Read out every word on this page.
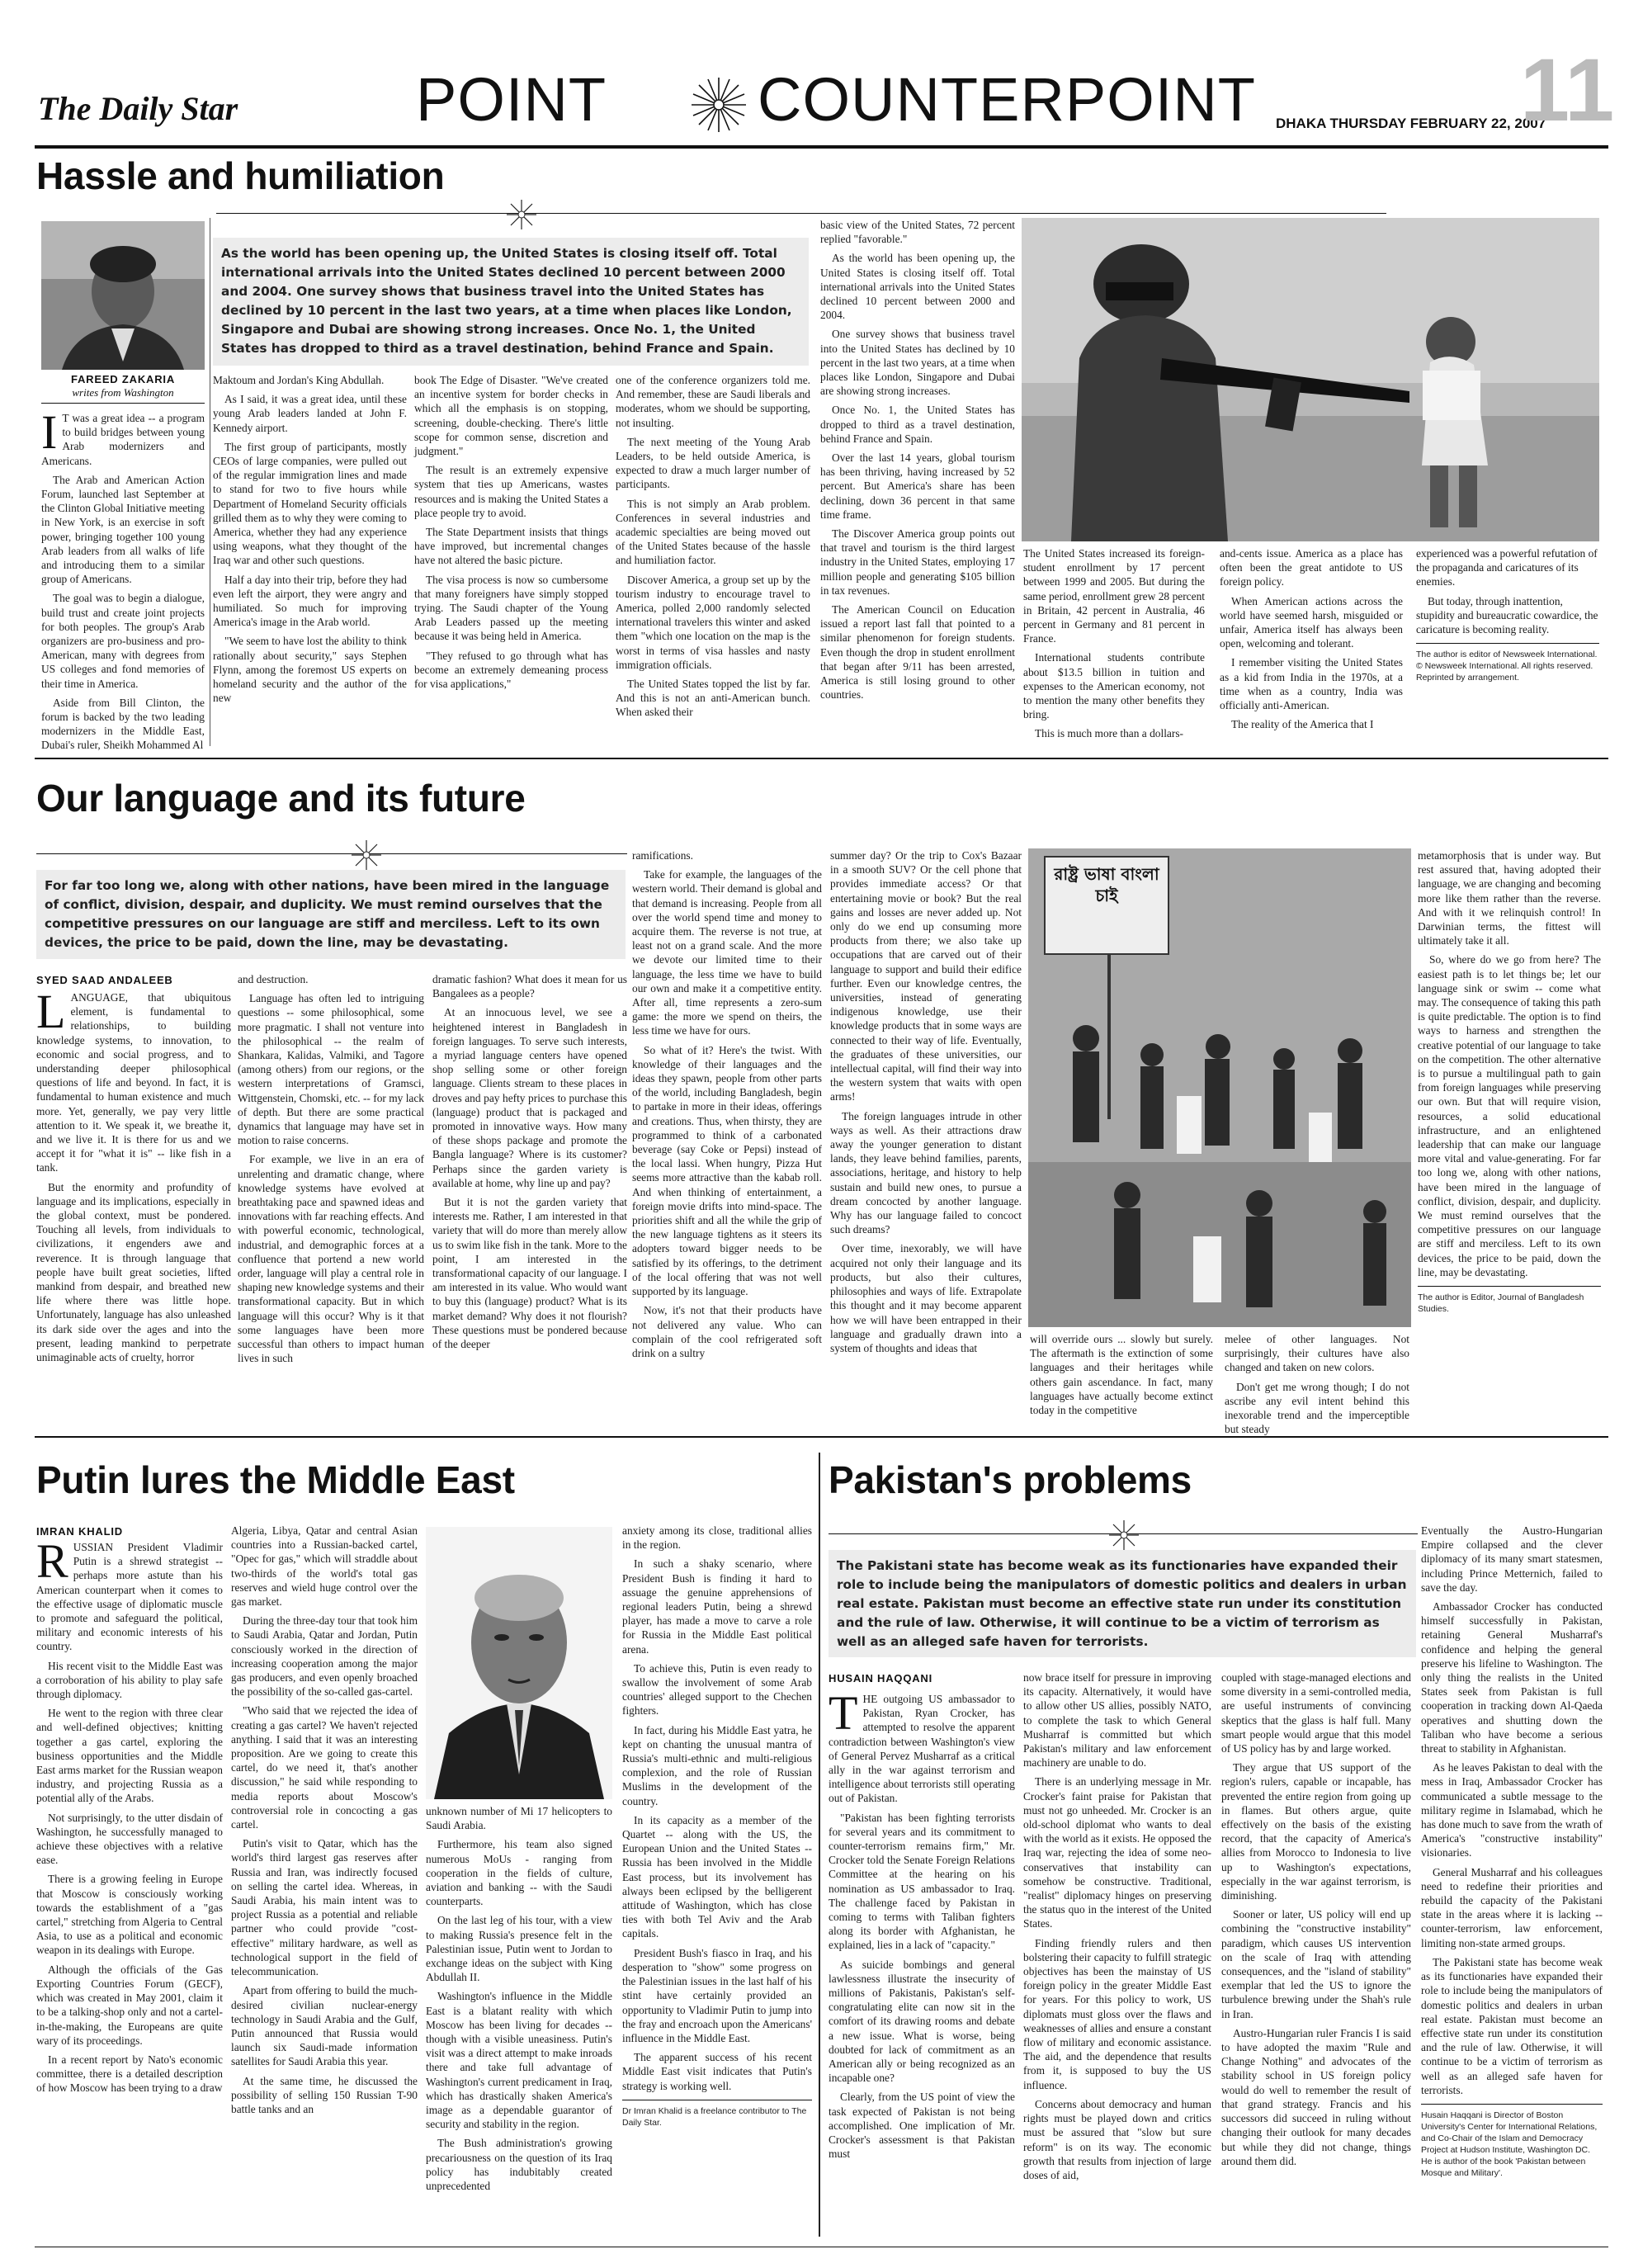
The Daily Star	POINT COUNTERPOINT DHAKA THURSDAY FEBRUARY 22, 2007
11
Hassle and humiliation
FAREED ZAKARIA
writes from Washington
As the world has been opening up, the United States is closing itself off. Total international arrivals into the United States declined 10 percent between 2000 and 2004. One survey shows that business travel into the United States has declined by 10 percent in the last two years, at a time when places like London, Singapore and Dubai are showing strong increases. Once No. 1, the United States has dropped to third as a travel destination, behind France and Spain.
I T was a great idea -- a program to build bridges between young Arab modernizers and Americans.

The Arab and American Action Forum, launched last September at the Clinton Global Initiative meeting in New York, is an exercise in soft power, bringing together 100 young Arab leaders from all walks of life and introducing them to a similar group of Americans.

The goal was to begin a dialogue, build trust and create joint projects for both peoples. The group's Arab organizers are pro-business and pro-American, many with degrees from US colleges and fond memories of their time in America.

Aside from Bill Clinton, the forum is backed by the two leading modernizers in the Middle East, Dubai's ruler, Sheikh Mohammed Al

Maktoum and Jordan's King Abdullah.

As I said, it was a great idea, until these young Arab leaders landed at John F. Kennedy airport.

The first group of participants, mostly CEOs of large companies, were pulled out of the regular immigration lines and made to stand for two to five hours while Department of Homeland Security officials grilled them as to why they were coming to America, whether they had any experience using weapons, what they thought of the Iraq war and other such questions.

Half a day into their trip, before they had even left the airport, they were angry and humiliated. So much for improving America's image in the Arab world.

"We seem to have lost the ability to think rationally about security," says Stephen Flynn, among the foremost US experts on homeland security and the author of the new

book The Edge of Disaster. "We've created an incentive system for border checks in which all the emphasis is on stopping, screening, double-checking. There's little scope for common sense, discretion and judgment."

The result is an extremely expensive system that ties up Americans, wastes resources and is making the United States a place people try to avoid.

The State Department insists that things have improved, but incremental changes have not altered the basic picture.

The visa process is now so cumbersome that many foreigners have simply stopped trying. The Saudi chapter of the Young Arab Leaders passed up the meeting because it was being held in America.

"They refused to go through what has become an extremely demeaning process for visa applications,"

one of the conference organizers told me. And remember, these are Saudi liberals and moderates, whom we should be supporting, not insulting.

The next meeting of the Young Arab Leaders, to be held outside America, is expected to draw a much larger number of participants.

This is not simply an Arab problem. Conferences in several industries and academic specialties are being moved out of the United States because of the hassle and humiliation factor.

Discover America, a group set up by the tourism industry to encourage travel to America, polled 2,000 randomly selected international travelers this winter and asked them "which one location on the map is the worst in terms of visa hassles and nasty immigration officials.

The United States topped the list by far. And this is not an anti-American bunch. When asked their

basic view of the United States, 72 percent replied "favorable."

As the world has been opening up, the United States is closing itself off. Total international arrivals into the United States declined 10 percent between 2000 and 2004.

One survey shows that business travel into the United States has declined by 10 percent in the last two years, at a time when places like London, Singapore and Dubai are showing strong increases.

Once No. 1, the United States has dropped to third as a travel destination, behind France and Spain.

Over the last 14 years, global tourism has been thriving, having increased by 52 percent. But America's share has been declining, down 36 percent in that same time frame.

The Discover America group points out that travel and tourism is the third largest industry in the United States, employing 17 million people and generating $105 billion in tax revenues.

The American Council on Education issued a report last fall that pointed to a similar phenomenon for foreign students. Even though the drop in student enrollment that began after 9/11 has been arrested, America is still losing ground to other countries.

The United States increased its foreign-student enrollment by 17 percent between 1999 and 2005. But during the same period, enrollment grew 28 percent in Britain, 42 percent in Australia, 46 percent in Germany and 81 percent in France.

International students contribute about $13.5 billion in tuition and expenses to the American economy, not to mention the many other benefits they bring.

This is much more than a dollars-

and-cents issue. America as a place has often been the great antidote to US foreign policy.

When American actions across the world have seemed harsh, misguided or unfair, America itself has always been open, welcoming and tolerant.

I remember visiting the United States as a kid from India in the 1970s, at a time when as a country, India was officially anti-American.

The reality of the America that I

experienced was a powerful refutation of the propaganda and caricatures of its enemies.

But today, through inattention, stupidity and bureaucratic cowardice, the caricature is becoming reality.

The author is editor of Newsweek International.
© Newsweek International. All rights reserved. Reprinted by arrangement.
Our language and its future
For far too long we, along with other nations, have been mired in the language of conflict, division, despair, and duplicity. We must remind ourselves that the competitive pressures on our language are stiff and merciless. Left to its own devices, the price to be paid, down the line, may be devastating.
SYED SAAD ANDALEEB
L ANGUAGE, that ubiquitous element, is fundamental to relationships, to building knowledge systems, to innovation, to economic and social progress, and to understanding deeper philosophical questions of life and beyond. In fact, it is fundamental to human existence and much more. Yet, generally, we pay very little attention to it. We speak it, we breathe it, and we live it. It is there for us and we accept it for "what it is" -- like fish in a tank.

But the enormity and profundity of language and its implications, especially in the global context, must be pondered. Touching all levels, from individuals to civilizations, it engenders awe and reverence. It is through language that people have built great societies, lifted mankind from despair, and breathed new life where there was little hope. Unfortunately, language has also unleashed its dark side over the ages and into the present, leading mankind to perpetrate unimaginable acts of cruelty, horror

and destruction.

Language has often led to intriguing questions -- some philosophical, some more pragmatic. I shall not venture into the philosophical -- the realm of Shankara, Kalidas, Valmiki, and Tagore (among others) from our regions, or the western interpretations of Gramsci, Wittgenstein, Chomski, etc. -- for my lack of depth. But there are some practical dynamics that language may have set in motion to raise concerns.

For example, we live in an era of unrelenting and dramatic change, where knowledge systems have evolved at breathtaking pace and spawned ideas and innovations with far reaching effects. And with powerful economic, technological, industrial, and demographic forces at a confluence that portend a new world order, language will play a central role in shaping new knowledge systems and their transformational capacity. But in which language will this occur? Why is it that some languages have been more successful than others to impact human lives in such

dramatic fashion? What does it mean for us Bangalees as a people?

At an innocuous level, we see a heightened interest in Bangladesh in foreign languages. To serve such interests, a myriad language centers have opened shop selling some or other foreign language. Clients stream to these places in droves and pay hefty prices to purchase this (language) product that is packaged and promoted in innovative ways. How many of these shops package and promote the Bangla language? Where is its customer? Perhaps since the garden variety is available at home, why line up and pay?

But it is not the garden variety that interests me. Rather, I am interested in that variety that will do more than merely allow us to swim like fish in the tank. More to the point, I am interested in the transformational capacity of our language. I am interested in its value. Who would want to buy this (language) product? What is its market demand? Why does it not flourish? These questions must be pondered because of the deeper

ramifications.

Take for example, the languages of the western world. Their demand is global and that demand is increasing. People from all over the world spend time and money to acquire them. The reverse is not true, at least not on a grand scale. And the more we devote our limited time to their language, the less time we have to build our own and make it a competitive entity. After all, time represents a zero-sum game: the more we spend on theirs, the less time we have for ours.

So what of it? Here's the twist. With knowledge of their languages and the ideas they spawn, people from other parts of the world, including Bangladesh, begin to partake in more in their ideas, offerings and creations. Thus, when thirsty, they are programmed to think of a carbonated beverage (say Coke or Pepsi) instead of the local lassi. When hungry, Pizza Hut seems more attractive than the kabab roll. And when thinking of entertainment, a foreign movie drifts into mind-space. The priorities shift and all the while the grip of the new language tightens as it steers its adopters toward bigger needs to be satisfied by its offerings, to the detriment of the local offering that was not well supported by its language.

Now, it's not that their products have not delivered any value. Who can complain of the cool refrigerated soft drink on a sultry

summer day? Or the trip to Cox's Bazaar in a smooth SUV? Or the cell phone that provides immediate access? Or that entertaining movie or book? But the real gains and losses are never added up. Not only do we end up consuming more products from there; we also take up occupations that are carved out of their language to support and build their edifice further. Even our knowledge centres, the universities, instead of generating indigenous knowledge, use their knowledge products that in some ways are connected to their way of life. Eventually, the graduates of these universities, our intellectual capital, will find their way into the western system that waits with open arms!

The foreign languages intrude in other ways as well. As their attractions draw away the younger generation to distant lands, they leave behind families, parents, associations, heritage, and history to help sustain and build new ones, to pursue a dream concocted by another language. Why has our language failed to concoct such dreams?

Over time, inexorably, we will have acquired not only their language and its products, but also their cultures, philosophies and ways of life. Extrapolate this thought and it may become apparent how we will have been entrapped in their language and gradually drawn into a system of thoughts and ideas that

রাষ্ট্র ভাষা বাংলা চাই

will override ours ... slowly but surely. The aftermath is the extinction of some languages and their heritages while others gain ascendance. In fact, many languages have actually become extinct today in the competitive

melee of other languages. Not surprisingly, their cultures have also changed and taken on new colors.

Don't get me wrong though; I do not ascribe any evil intent behind this inexorable trend and the imperceptible but steady

metamorphosis that is under way. But rest assured that, having adopted their language, we are changing and becoming more like them rather than the reverse. And with it we relinquish control! In Darwinian terms, the fittest will ultimately take it all.

So, where do we go from here? The easiest path is to let things be; let our language sink or swim -- come what may. The consequence of taking this path is quite predictable. The option is to find ways to harness and strengthen the creative potential of our language to take on the competition. The other alternative is to pursue a multilingual path to gain from foreign languages while preserving our own. But that will require vision, resources, a solid educational infrastructure, and an enlightened leadership that can make our language more vital and value-generating. For far too long we, along with other nations, have been mired in the language of conflict, division, despair, and duplicity. We must remind ourselves that the competitive pressures on our language are stiff and merciless. Left to its own devices, the price to be paid, down the line, may be devastating.

The author is Editor, Journal of Bangladesh Studies.
Putin lures the Middle East
IMRAN KHALID
R USSIAN President Vladimir Putin is a shrewd strategist -- perhaps more astute than his American counterpart when it comes to the effective usage of diplomatic muscle to promote and safeguard the political, military and economic interests of his country.

His recent visit to the Middle East was a corroboration of his ability to play safe through diplomacy.

He went to the region with three clear and well-defined objectives; knitting together a gas cartel, exploring the business opportunities and the Middle East arms market for the Russian weapon industry, and projecting Russia as a potential ally of the Arabs.

Not surprisingly, to the utter disdain of Washington, he successfully managed to achieve these objectives with a relative ease.

There is a growing feeling in Europe that Moscow is consciously working towards the establishment of a "gas cartel," stretching from Algeria to Central Asia, to use as a political and economic weapon in its dealings with Europe.

Although the officials of the Gas Exporting Countries Forum (GECF), which was created in May 2001, claim it to be a talking-shop only and not a cartel-in-the-making, the Europeans are quite wary of its proceedings.

In a recent report by Nato's economic committee, there is a detailed description of how Moscow has been trying to a draw

Algeria, Libya, Qatar and central Asian countries into a Russian-backed cartel, "Opec for gas," which will straddle about two-thirds of the world's total gas reserves and wield huge control over the gas market.

During the three-day tour that took him to Saudi Arabia, Qatar and Jordan, Putin consciously worked in the direction of increasing cooperation among the major gas producers, and even openly broached the possibility of the so-called gas-cartel.

"Who said that we rejected the idea of creating a gas cartel? We haven't rejected anything. I said that it was an interesting proposition. Are we going to create this cartel, do we need it, that's another discussion," he said while responding to media reports about Moscow's controversial role in concocting a gas cartel.

Putin's visit to Qatar, which has the world's third largest gas reserves after Russia and Iran, was indirectly focused on selling the cartel idea. Whereas, in Saudi Arabia, his main intent was to project Russia as a potential and reliable partner who could provide "cost-effective" military hardware, as well as technological support in the field of telecommunication.

Apart from offering to build the much-desired civilian nuclear-energy technology in Saudi Arabia and the Gulf, Putin announced that Russia would launch six Saudi-made information satellites for Saudi Arabia this year.

At the same time, he discussed the possibility of selling 150 Russian T-90 battle tanks and an

unknown number of Mi 17 helicopters to Saudi Arabia.

Furthermore, his team also signed numerous MoUs - ranging from cooperation in the fields of culture, aviation and banking -- with the Saudi counterparts.

On the last leg of his tour, with a view to making Russia's presence felt in the Palestinian issue, Putin went to Jordan to exchange ideas on the subject with King Abdullah II.

Washington's influence in the Middle East is a blatant reality with which Moscow has been living for decades -- though with a visible uneasiness. Putin's visit was a direct attempt to make inroads there and take full advantage of Washington's current predicament in Iraq, which has drastically shaken America's image as a dependable guarantor of security and stability in the region.

The Bush administration's growing precariousness on the question of its Iraq policy has indubitably created unprecedented

anxiety among its close, traditional allies in the region.

In such a shaky scenario, where President Bush is finding it hard to assuage the genuine apprehensions of regional leaders Putin, being a shrewd player, has made a move to carve a role for Russia in the Middle East political arena.

To achieve this, Putin is even ready to swallow the involvement of some Arab countries' alleged support to the Chechen fighters.

In fact, during his Middle East yatra, he kept on chanting the unusual mantra of Russia's multi-ethnic and multi-religious complexion, and the role of Russian Muslims in the development of the country.

In its capacity as a member of the Quartet -- along with the US, the European Union and the United States -- Russia has been involved in the Middle East process, but its involvement has always been eclipsed by the belligerent attitude of Washington, which has close ties with both Tel Aviv and the Arab capitals.

President Bush's fiasco in Iraq, and his desperation to "show" some progress on the Palestinian issues in the last half of his stint have certainly provided an opportunity to Vladimir Putin to jump into the fray and encroach upon the Americans' influence in the Middle East.

The apparent success of his recent Middle East visit indicates that Putin's strategy is working well.

Dr Imran Khalid is a freelance contributor to The Daily Star.
Pakistan's problems
The Pakistani state has become weak as its functionaries have expanded their role to include being the manipulators of domestic politics and dealers in urban real estate. Pakistan must become an effective state run under its constitution and the rule of law. Otherwise, it will continue to be a victim of terrorism as well as an alleged safe haven for terrorists.
HUSAIN HAQQANI
T HE outgoing US ambassador to Pakistan, Ryan Crocker, has attempted to resolve the apparent contradiction between Washington's view of General Pervez Musharraf as a critical ally in the war against terrorism and intelligence about terrorists still operating out of Pakistan.

"Pakistan has been fighting terrorists for several years and its commitment to counter-terrorism remains firm," Mr. Crocker told the Senate Foreign Relations Committee at the hearing on his nomination as US ambassador to Iraq. The challenge faced by Pakistan in coming to terms with Taliban fighters along its border with Afghanistan, he explained, lies in a lack of "capacity."

As suicide bombings and general lawlessness illustrate the insecurity of millions of Pakistanis, Pakistan's self-congratulating elite can now sit in the comfort of its drawing rooms and debate a new issue. What is worse, being doubted for lack of commitment as an American ally or being recognized as an incapable one?

Clearly, from the US point of view the task expected of Pakistan is not being accomplished. One implication of Mr. Crocker's assessment is that Pakistan must

now brace itself for pressure in improving its capacity. Alternatively, it would have to allow other US allies, possibly NATO, to complete the task to which General Musharraf is committed but which Pakistan's military and law enforcement machinery are unable to do.

There is an underlying message in Mr. Crocker's faint praise for Pakistan that must not go unheeded. Mr. Crocker is an old-school diplomat who wants to deal with the world as it exists. He opposed the Iraq war, rejecting the idea of some neo-conservatives that instability can somehow be constructive. Traditional, "realist" diplomacy hinges on preserving the status quo in the interest of the United States.

Finding friendly rulers and then bolstering their capacity to fulfill strategic objectives has been the mainstay of US foreign policy in the greater Middle East for years. For this policy to work, US diplomats must gloss over the flaws and weaknesses of allies and ensure a constant flow of military and economic assistance. The aid, and the dependence that results from it, is supposed to buy the US influence.

Concerns about democracy and human rights must be played down and critics must be assured that "slow but sure reform" is on its way. The economic growth that results from injection of large doses of aid,

coupled with stage-managed elections and some diversity in a semi-controlled media, are useful instruments of convincing skeptics that the glass is half full. Many smart people would argue that this model of US policy has by and large worked.

They argue that US support of the region's rulers, capable or incapable, has prevented the entire region from going up in flames. But others argue, quite effectively on the basis of the existing record, that the capacity of America's allies from Morocco to Indonesia to live up to Washington's expectations, especially in the war against terrorism, is diminishing.

Sooner or later, US policy will end up combining the "constructive instability" paradigm, which causes US intervention on the scale of Iraq with attending consequences, and the "island of stability" exemplar that led the US to ignore the turbulence brewing under the Shah's rule in Iran.

Austro-Hungarian ruler Francis I is said to have adopted the maxim "Rule and Change Nothing" and advocates of the stability school in US foreign policy would do well to remember the result of that grand strategy. Francis and his successors did succeed in ruling without changing their outlook for many decades but while they did not change, things around them did.

Eventually the Austro-Hungarian Empire collapsed and the clever diplomacy of its many smart statesmen, including Prince Metternich, failed to save the day.

Ambassador Crocker has conducted himself successfully in Pakistan, retaining General Musharraf's confidence and helping the general preserve his lifeline to Washington. The only thing the realists in the United States seek from Pakistan is full cooperation in tracking down Al-Qaeda operatives and shutting down the Taliban who have become a serious threat to stability in Afghanistan.

As he leaves Pakistan to deal with the mess in Iraq, Ambassador Crocker has communicated a subtle message to the military regime in Islamabad, which he has done much to save from the wrath of America's "constructive instability" visionaries.

General Musharraf and his colleagues need to redefine their priorities and rebuild the capacity of the Pakistani state in the areas where it is lacking -- counter-terrorism, law enforcement, limiting non-state armed groups.

The Pakistani state has become weak as its functionaries have expanded their role to include being the manipulators of domestic politics and dealers in urban real estate. Pakistan must become an effective state run under its constitution and the rule of law. Otherwise, it will continue to be a victim of terrorism as well as an alleged safe haven for terrorists.

Husain Haqqani is Director of Boston University's Center for International Relations, and Co-Chair of the Islam and Democracy Project at Hudson Institute, Washington DC. He is author of the book 'Pakistan between Mosque and Military'.
